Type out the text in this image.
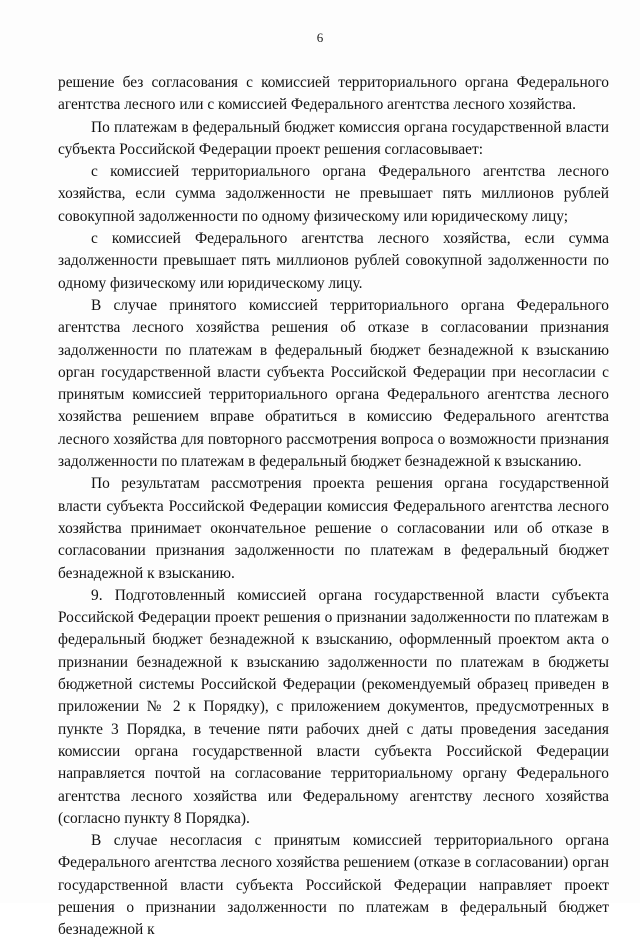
6

решение без согласования с комиссией территориального органа Федерального агентства лесного или с комиссией Федерального агентства лесного хозяйства.

По платежам в федеральный бюджет комиссия органа государственной власти субъекта Российской Федерации проект решения согласовывает:

с комиссией территориального органа Федерального агентства лесного хозяйства, если сумма задолженности не превышает пять миллионов рублей совокупной задолженности по одному физическому или юридическому лицу;

с комиссией Федерального агентства лесного хозяйства, если сумма задолженности превышает пять миллионов рублей совокупной задолженности по одному физическому или юридическому лицу.

В случае принятого комиссией территориального органа Федерального агентства лесного хозяйства решения об отказе в согласовании признания задолженности по платежам в федеральный бюджет безнадежной к взысканию орган государственной власти субъекта Российской Федерации при несогласии с принятым комиссией территориального органа Федерального агентства лесного хозяйства решением вправе обратиться в комиссию Федерального агентства лесного хозяйства для повторного рассмотрения вопроса о возможности признания задолженности по платежам в федеральный бюджет безнадежной к взысканию.

По результатам рассмотрения проекта решения органа государственной власти субъекта Российской Федерации комиссия Федерального агентства лесного хозяйства принимает окончательное решение о согласовании или об отказе в согласовании признания задолженности по платежам в федеральный бюджет безнадежной к взысканию.

9. Подготовленный комиссией органа государственной власти субъекта Российской Федерации проект решения о признании задолженности по платежам в федеральный бюджет безнадежной к взысканию, оформленный проектом акта о признании безнадежной к взысканию задолженности по платежам в бюджеты бюджетной системы Российской Федерации (рекомендуемый образец приведен в приложении № 2 к Порядку), с приложением документов, предусмотренных в пункте 3 Порядка, в течение пяти рабочих дней с даты проведения заседания комиссии органа государственной власти субъекта Российской Федерации направляется почтой на согласование территориальному органу Федерального агентства лесного хозяйства или Федеральному агентству лесного хозяйства (согласно пункту 8 Порядка).

В случае несогласия с принятым комиссией территориального органа Федерального агентства лесного хозяйства решением (отказе в согласовании) орган государственной власти субъекта Российской Федерации направляет проект решения о признании задолженности по платежам в федеральный бюджет безнадежной к
